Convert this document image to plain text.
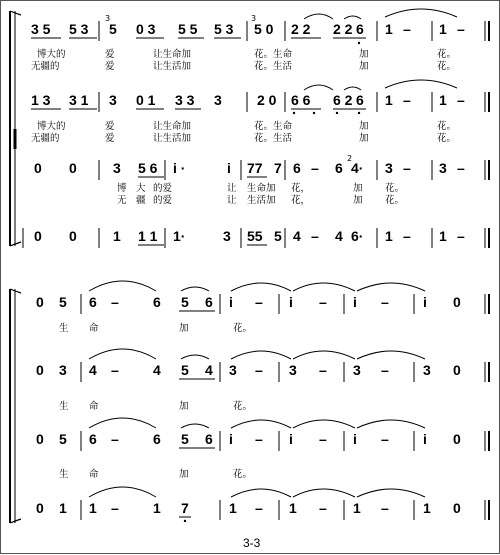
3 5 5 3 5 0 3 5 5 5 3 5 0 2 2 2 2 6 1 – 1 –
3	3
博大的	爱	让生命加	花。生命	加	花。
无疆的	爱	让生活加	花。生活	加	花。
1 3 3 1 3 0 1 3 3 3	2 0 6 6 6 2 6 1 – 1 –
博大的	爱	让生命加	花。生命	加	花。
无疆的	爱	让生活加	花。生活	加	花。
0 0	3 5 6 i ·	i 77 7 6 – 6 4· 3 – 3 –
2
博 大 的爱	让 生命加 花，	加 花。
无 疆 的爱	让 生活加 花，	加 花。
0 0	1 1 1 1·	3 55 5 4 – 4 6· 1 – 1 –
0 5 6 – 6 5 6 i – i – i – i 0
生 命	加	花。
0 3 4 – 4 5 4 3 – 3 – 3 – 3 0
生 命	加	花。
0 5 6 – 6 5 6 i – i – i – i 0
生 命	加	花。
0 1 1 – 1 7	1 – 1 – 1 – 1 0
3-3
